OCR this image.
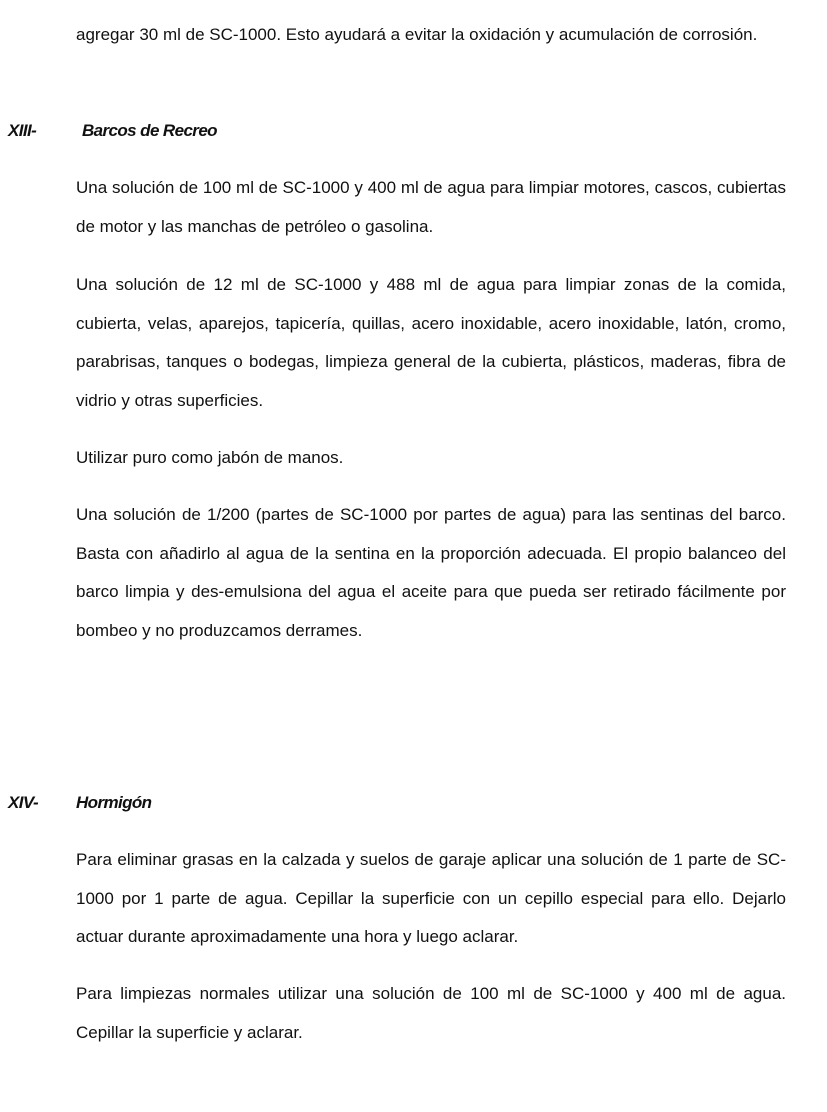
agregar 30 ml de SC-1000. Esto ayudará a evitar la oxidación y acumulación de corrosión.

XIII-	Barcos de Recreo

Una solución de 100 ml de SC-1000 y 400 ml de agua para limpiar motores, cascos, cubiertas de motor y las manchas de petróleo o gasolina.

Una solución de 12 ml de SC-1000 y 488 ml de agua para limpiar zonas de la comida, cubierta, velas, aparejos, tapicería, quillas, acero inoxidable, acero inoxidable, latón, cromo, parabrisas, tanques o bodegas, limpieza general de la cubierta, plásticos, maderas, fibra de vidrio y otras superficies.

Utilizar puro como jabón de manos.

Una solución de 1/200 (partes de SC-1000 por partes de agua) para las sentinas del barco. Basta con añadirlo al agua de la sentina en la proporción adecuada. El propio balanceo del barco limpia y des-emulsiona del agua el aceite para que pueda ser retirado fácilmente por bombeo y no produzcamos derrames.

XIV- Hormigón

Para eliminar grasas en la calzada y suelos de garaje aplicar una solución de 1 parte de SC-1000 por 1 parte de agua. Cepillar la superficie con un cepillo especial para ello. Dejarlo actuar durante aproximadamente una hora y luego aclarar.

Para limpiezas normales utilizar una solución de 100 ml de SC-1000 y 400 ml de agua. Cepillar la superficie y aclarar.
